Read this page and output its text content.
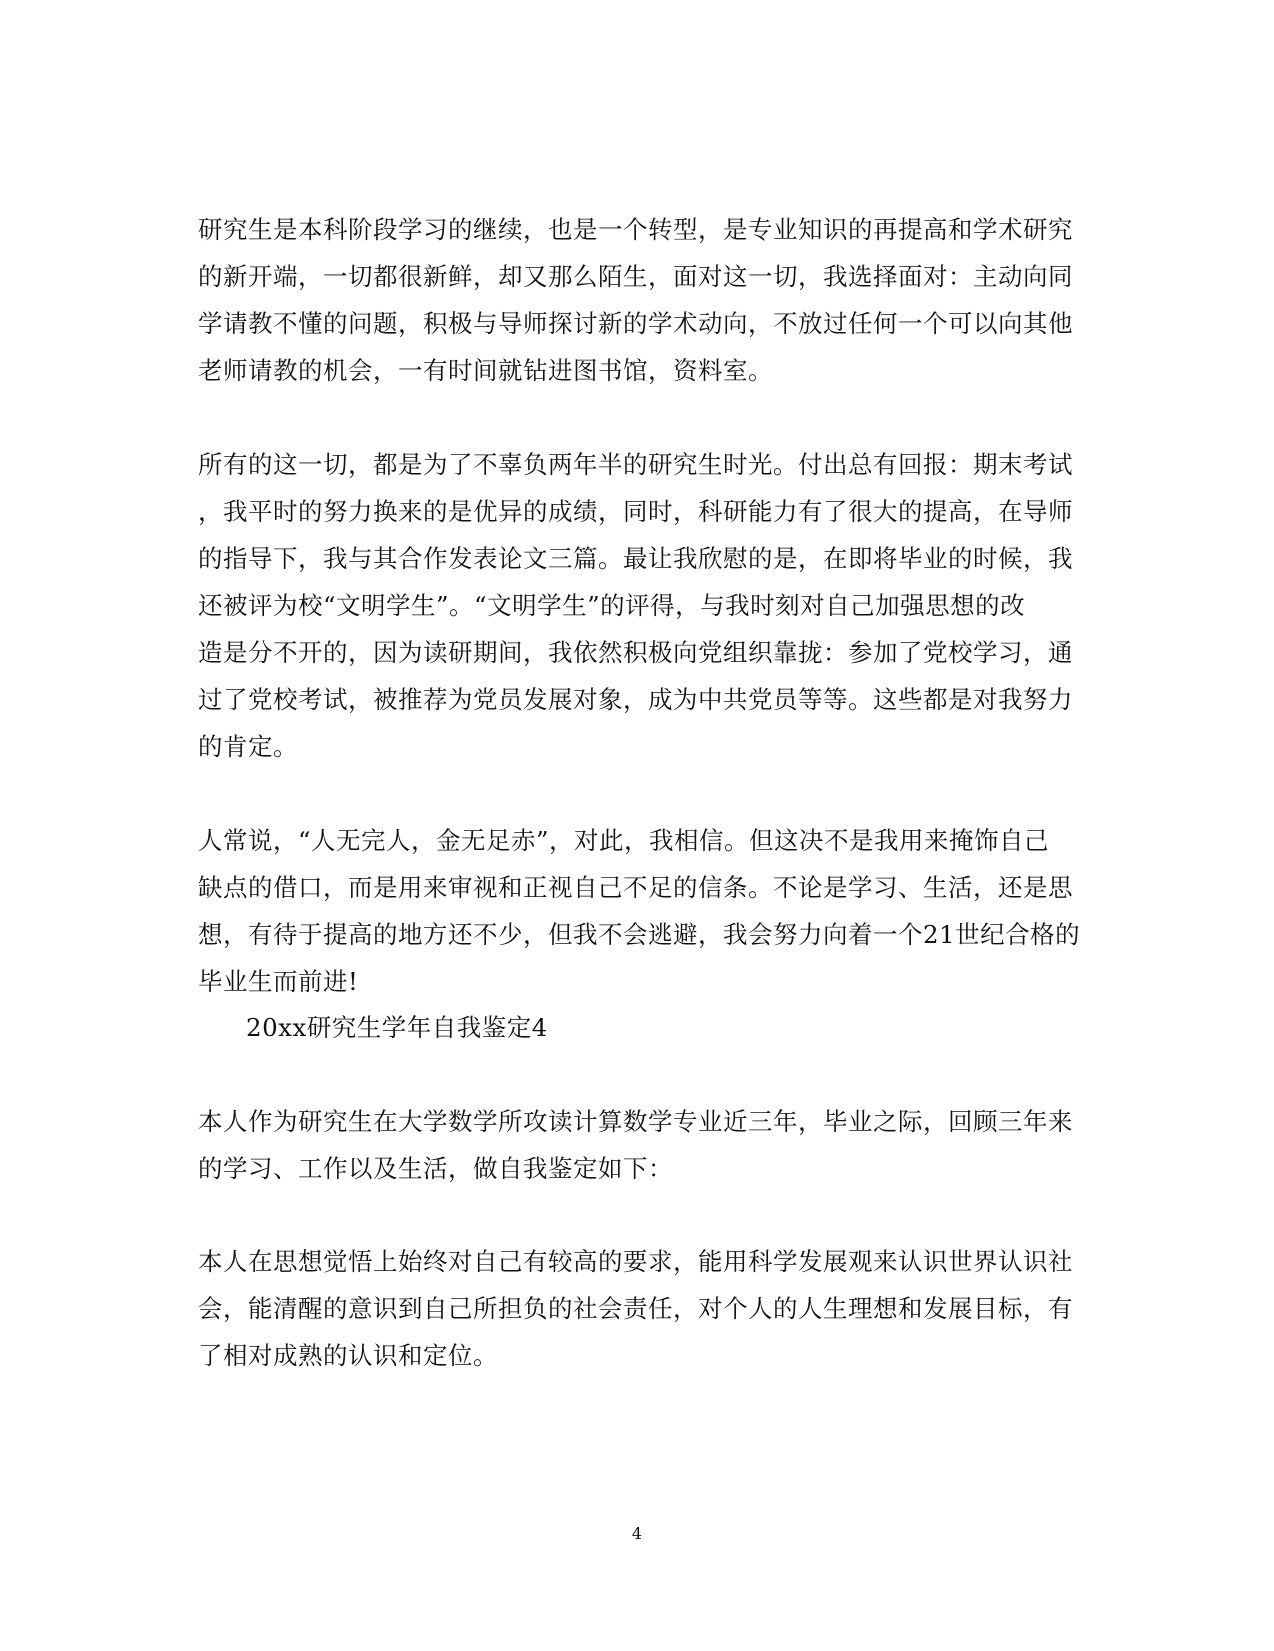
研究生是本科阶段学习的继续，也是一个转型，是专业知识的再提高和学术研究
的新开端，一切都很新鲜，却又那么陌生，面对这一切，我选择面对：主动向同
学请教不懂的问题，积极与导师探讨新的学术动向，不放过任何一个可以向其他
老师请教的机会，一有时间就钻进图书馆，资料室。
所有的这一切，都是为了不辜负两年半的研究生时光。付出总有回报：期末考试
，我平时的努力换来的是优异的成绩，同时，科研能力有了很大的提高，在导师
的指导下，我与其合作发表论文三篇。最让我欣慰的是，在即将毕业的时候，我
还被评为校“文明学生”。“文明学生”的评得，与我时刻对自己加强思想的改
造是分不开的，因为读研期间，我依然积极向党组织靠拢：参加了党校学习，通
过了党校考试，被推荐为党员发展对象，成为中共党员等等。这些都是对我努力
的肯定。
人常说，“人无完人，金无足赤”，对此，我相信。但这决不是我用来掩饰自己
缺点的借口，而是用来审视和正视自己不足的信条。不论是学习、生活，还是思
想，有待于提高的地方还不少，但我不会逃避，我会努力向着一个21世纪合格的
毕业生而前进!
20xx研究生学年自我鉴定4
本人作为研究生在大学数学所攻读计算数学专业近三年，毕业之际，回顾三年来
的学习、工作以及生活，做自我鉴定如下：
本人在思想觉悟上始终对自己有较高的要求，能用科学发展观来认识世界认识社
会，能清醒的意识到自己所担负的社会责任，对个人的人生理想和发展目标，有
了相对成熟的认识和定位。
4
